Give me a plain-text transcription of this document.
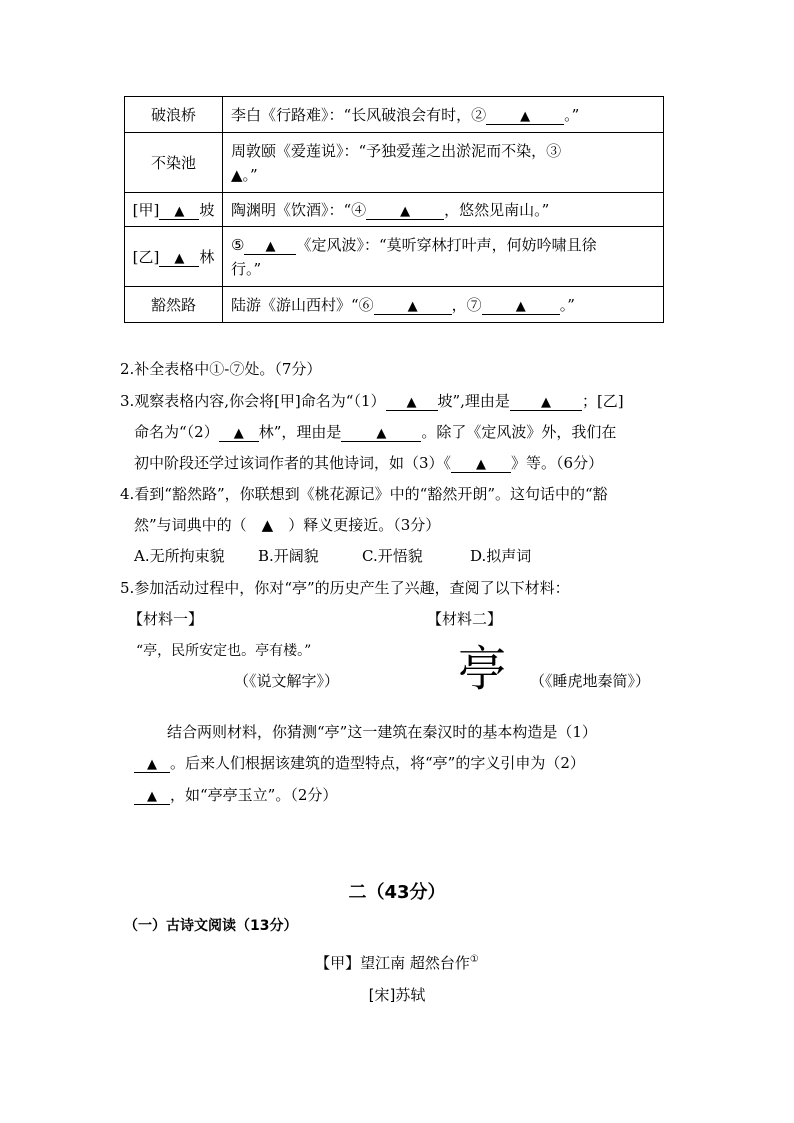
破浪桥	李白《行路难》：“长风破浪会有时，② ▲ 。”
不染池	周敦颐《爱莲说》：“予独爱莲之出淤泥而不染，③
▲。”
[甲] ▲ 坡	陶渊明《饮酒》：“④ ▲ ，悠然见南山。”
[乙] ▲ 林	⑤ ▲ 《定风波》：“莫听穿林打叶声，何妨吟啸且徐
行。”
豁然路	陆游《游山西村》“⑥ ▲ ，⑦ ▲ 。”
2.补全表格中①-⑦处。（7分）
3.观察表格内容,你会将[甲]命名为“（1） ▲ 坡”,理由是 ▲ ；[乙]
命名为“（2） ▲ 林”，理由是	▲ 。除了《定风波》外，我们在
初中阶段还学过该词作者的其他诗词，如（3）《 ▲ 》等。（6分）
4.看到“豁然路”，你联想到《桃花源记》中的“豁然开朗”。这句话中的“豁
然”与词典中的（　▲　）释义更接近。（3分）
A.无所拘束貌 B.开阔貌	C.开悟貌	D.拟声词
5.参加活动过程中，你对“亭”的历史产生了兴趣，查阅了以下材料：
【材料一】	【材料二】
“亭，民所安定也。亭有楼。”
（《说文解字》） 亭 （《睡虎地秦简》）
结合两则材料，你猜测“亭”这一建筑在秦汉时的基本构造是（1）
▲ 。后来人们根据该建筑的造型特点，将“亭”的字义引申为（2）
▲ ，如“亭亭玉立”。（2分）
二（43分）
（一）古诗文阅读（13分）
【甲】望江南 超然台作①
[宋]苏轼
